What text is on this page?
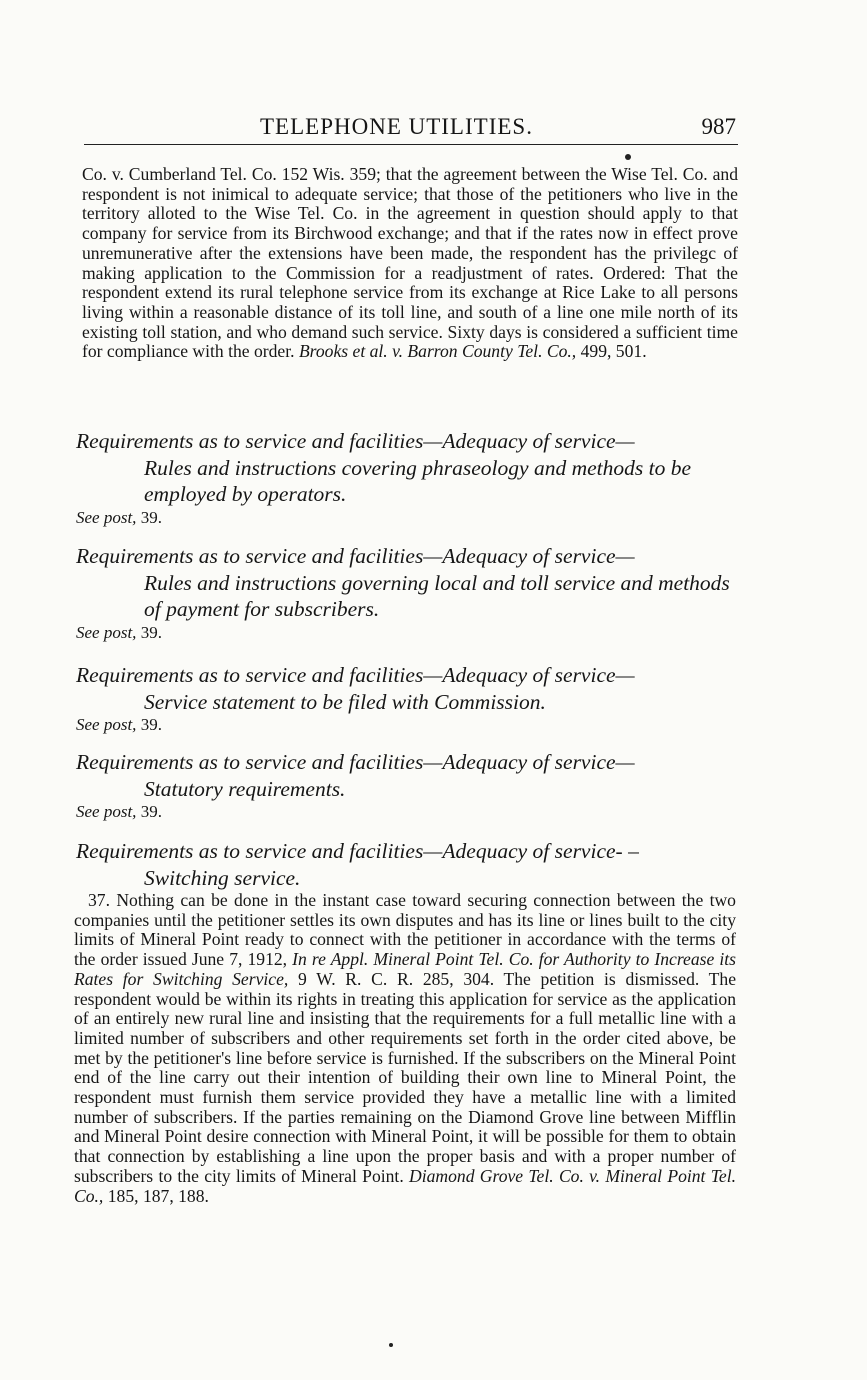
TELEPHONE UTILITIES.	987

Co. v. Cumberland Tel. Co. 152 Wis. 359; that the agreement between the Wise Tel. Co. and respondent is not inimical to adequate service; that those of the petitioners who live in the territory alloted to the Wise Tel. Co. in the agreement in question should apply to that company for service from its Birchwood exchange; and that if the rates now in effect prove unremunerative after the extensions have been made, the respondent has the privilegc of making application to the Commission for a readjustment of rates. Ordered: That the respondent extend its rural telephone service from its exchange at Rice Lake to all persons living within a reasonable distance of its toll line, and south of a line one mile north of its existing toll station, and who demand such service. Sixty days is considered a sufficient time for compliance with the order. Brooks et al. v. Barron County Tel. Co., 499, 501.

Requirements as to service and facilities—Adequacy of service—
Rules and instructions covering phraseology and methods to be employed by operators.

See post, 39.

Requirements as to service and facilities—Adequacy of service—
Rules and instructions governing local and toll service and methods of payment for subscribers.

See post, 39.

Requirements as to service and facilities—Adequacy of service—
Service statement to be filed with Commission.

See post, 39.

Requirements as to service and facilities—Adequacy of service—
Statutory requirements.

See post, 39.

Requirements as to service and facilities—Adequacy of service- –
Switching service.

37. Nothing can be done in the instant case toward securing connection between the two companies until the petitioner settles its own disputes and has its line or lines built to the city limits of Mineral Point ready to connect with the petitioner in accordance with the terms of the order issued June 7, 1912, In re Appl. Mineral Point Tel. Co. for Authority to Increase its Rates for Switching Service, 9 W. R. C. R. 285, 304. The petition is dismissed. The respondent would be within its rights in treating this application for service as the application of an entirely new rural line and insisting that the requirements for a full metallic line with a limited number of subscribers and other requirements set forth in the order cited above, be met by the petitioner's line before service is furnished. If the subscribers on the Mineral Point end of the line carry out their intention of building their own line to Mineral Point, the respondent must furnish them service provided they have a metallic line with a limited number of subscribers. If the parties remaining on the Diamond Grove line between Mifflin and Mineral Point desire connection with Mineral Point, it will be possible for them to obtain that connection by establishing a line upon the proper basis and with a proper number of subscribers to the city limits of Mineral Point. Diamond Grove Tel. Co. v. Mineral Point Tel. Co., 185, 187, 188.
